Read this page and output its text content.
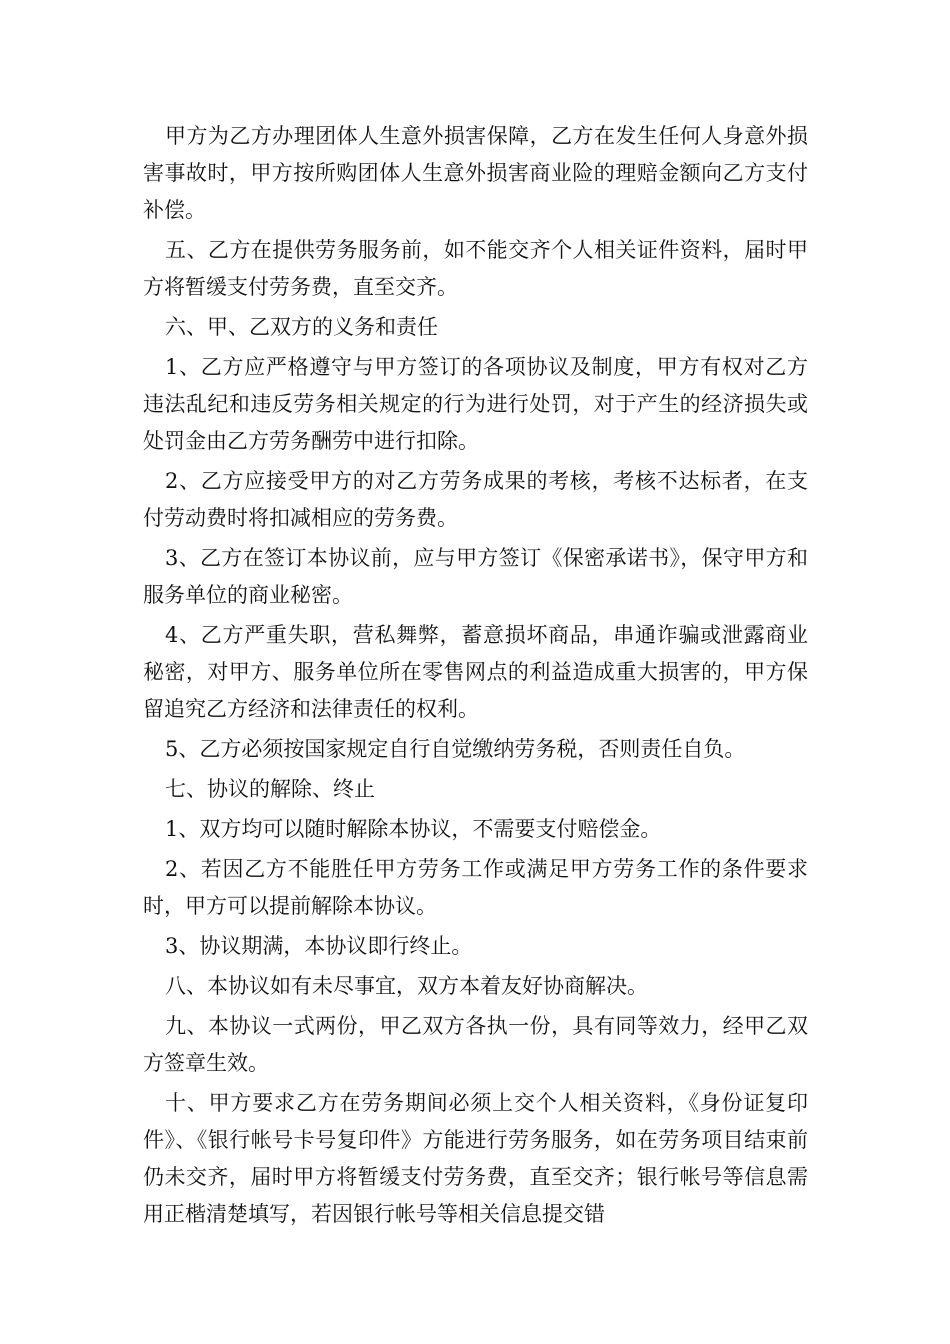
甲方为乙方办理团体人生意外损害保障，乙方在发生任何人身意外损害事故时，甲方按所购团体人生意外损害商业险的理赔金额向乙方支付补偿。

五、乙方在提供劳务服务前，如不能交齐个人相关证件资料，届时甲方将暂缓支付劳务费，直至交齐。

六、甲、乙双方的义务和责任

1、乙方应严格遵守与甲方签订的各项协议及制度，甲方有权对乙方违法乱纪和违反劳务相关规定的行为进行处罚，对于产生的经济损失或处罚金由乙方劳务酬劳中进行扣除。

2、乙方应接受甲方的对乙方劳务成果的考核，考核不达标者，在支付劳动费时将扣减相应的劳务费。

3、乙方在签订本协议前，应与甲方签订《保密承诺书》，保守甲方和服务单位的商业秘密。

4、乙方严重失职，营私舞弊，蓄意损坏商品，串通诈骗或泄露商业秘密，对甲方、服务单位所在零售网点的利益造成重大损害的，甲方保留追究乙方经济和法律责任的权利。

5、乙方必须按国家规定自行自觉缴纳劳务税，否则责任自负。

七、协议的解除、终止

1、双方均可以随时解除本协议，不需要支付赔偿金。

2、若因乙方不能胜任甲方劳务工作或满足甲方劳务工作的条件要求时，甲方可以提前解除本协议。

3、协议期满，本协议即行终止。

八、本协议如有未尽事宜，双方本着友好协商解决。

九、本协议一式两份，甲乙双方各执一份，具有同等效力，经甲乙双方签章生效。

十、甲方要求乙方在劳务期间必须上交个人相关资料，《身份证复印件》、《银行帐号卡号复印件》方能进行劳务服务，如在劳务项目结束前仍未交齐，届时甲方将暂缓支付劳务费，直至交齐；银行帐号等信息需用正楷清楚填写，若因银行帐号等相关信息提交错
